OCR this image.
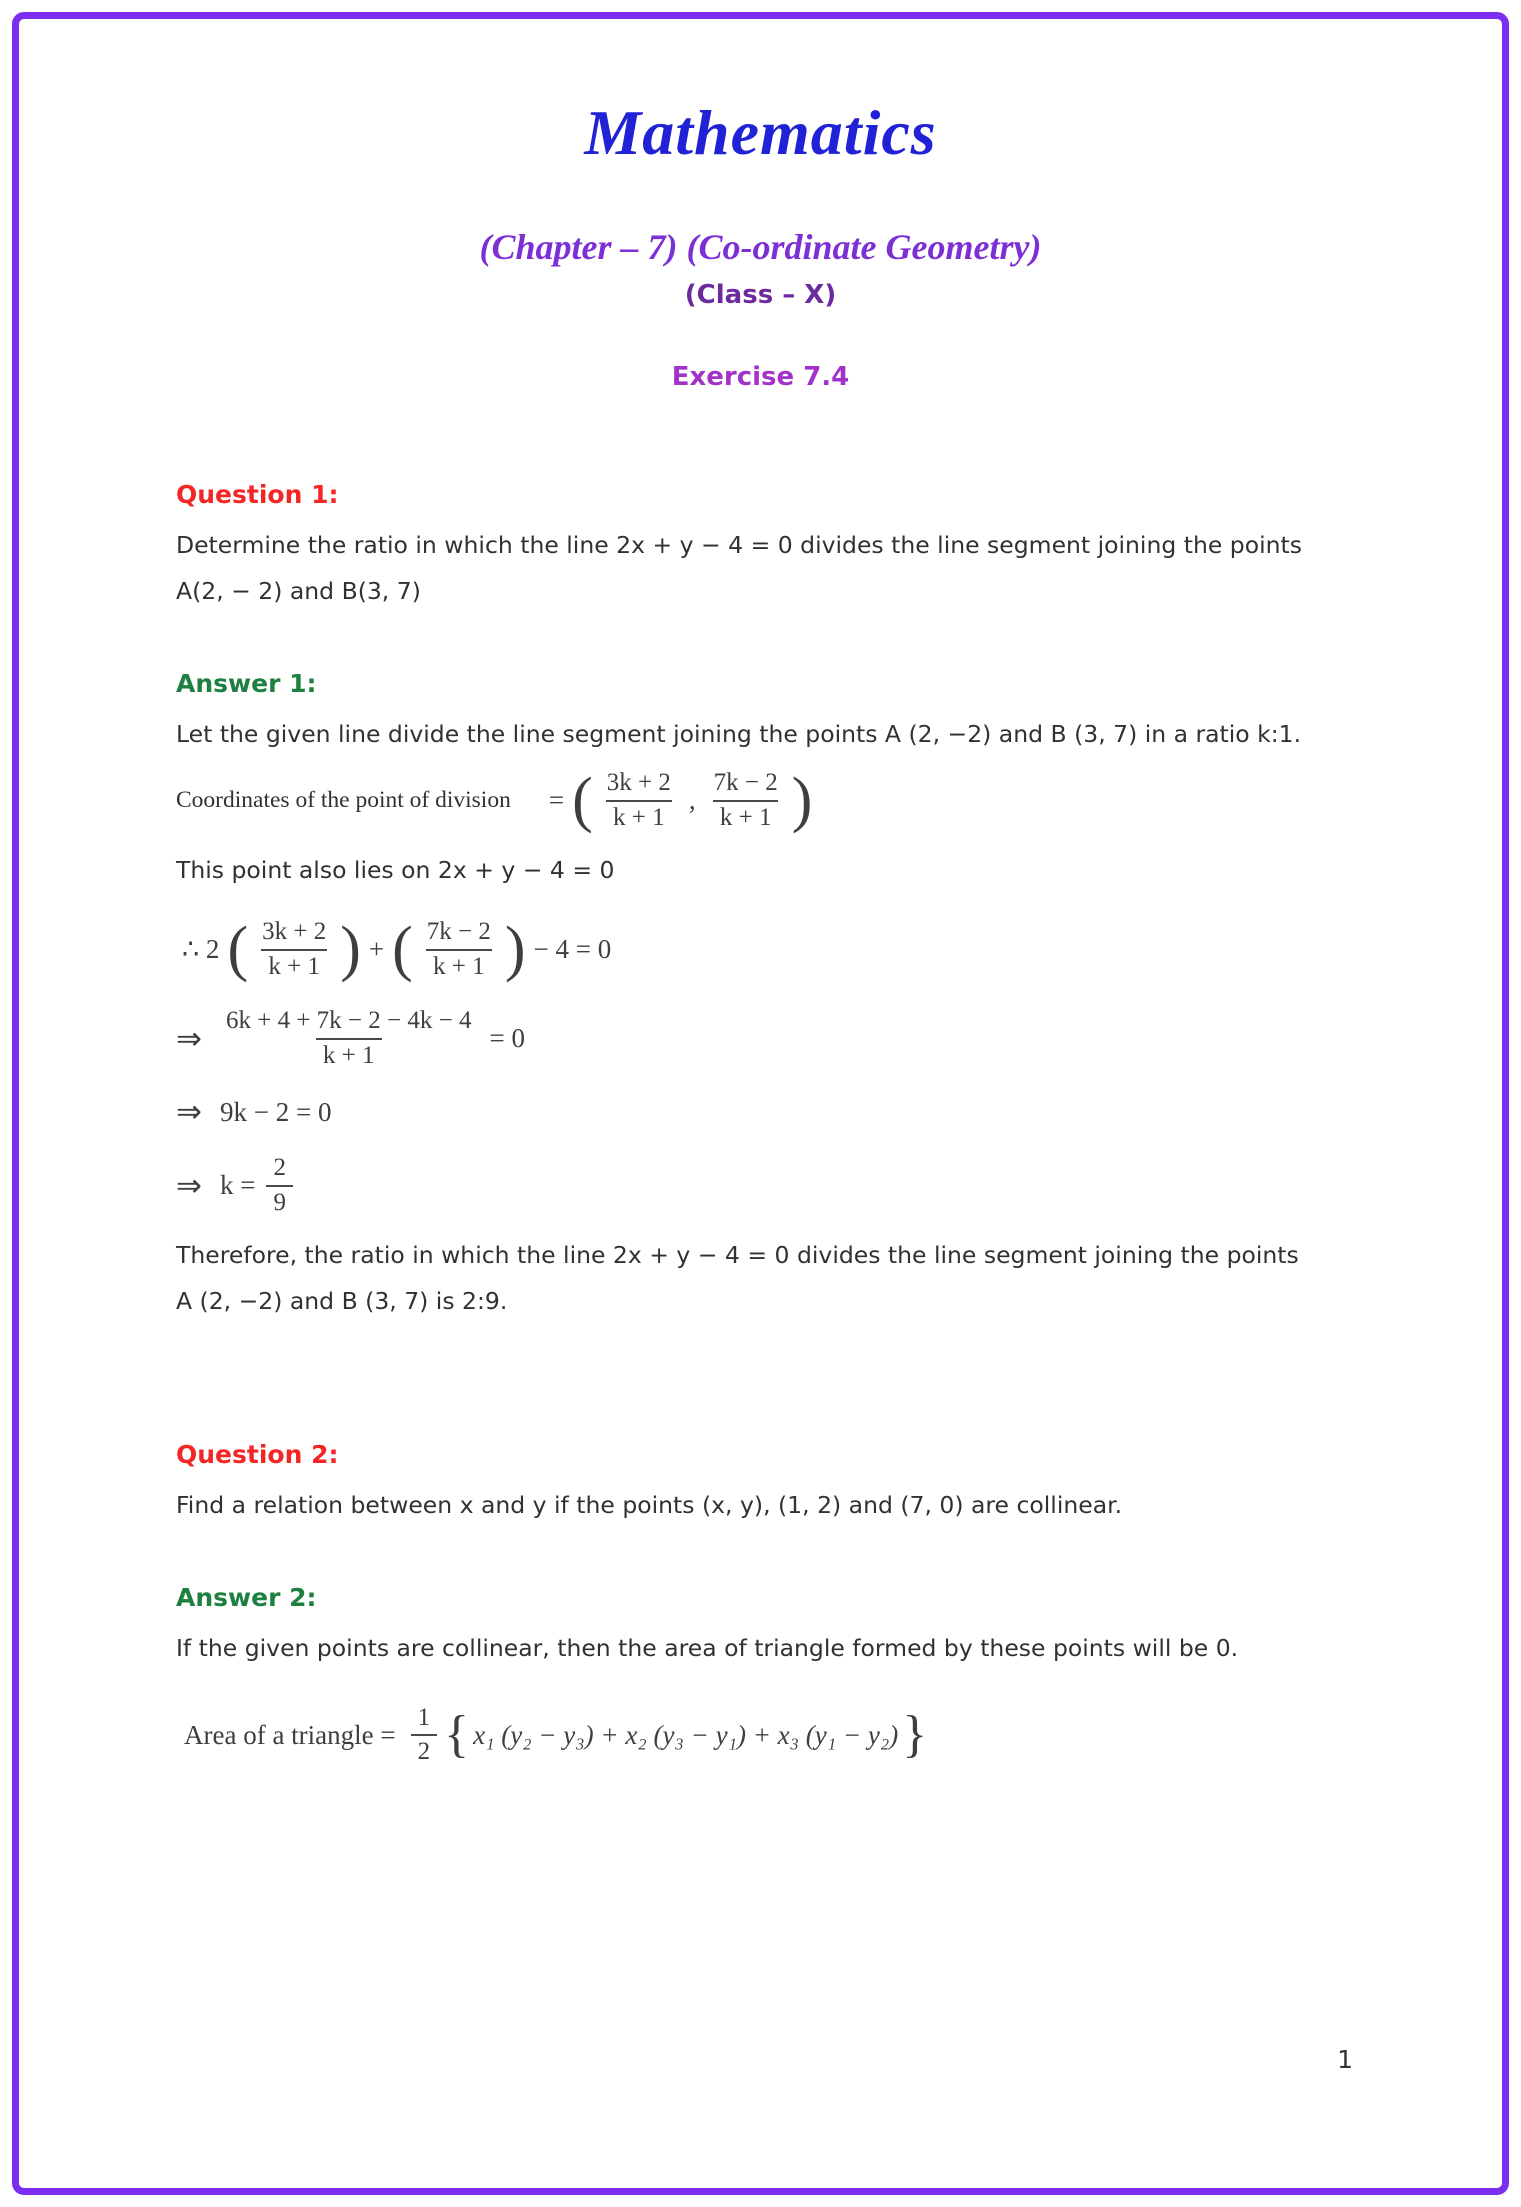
Mathematics
(Chapter – 7) (Co-ordinate Geometry)
(Class – X)
Exercise 7.4
Question 1:

Determine the ratio in which the line 2x + y − 4 = 0 divides the line segment joining the points A(2, − 2) and B(3, 7)

Answer 1:

Let the given line divide the line segment joining the points A (2, −2) and B (3, 7) in a ratio k:1.

Coordinates of the point of division = ( $\frac{3k + 2}{k + 1}$ , $\frac{7k - 2}{k + 1}$ )

This point also lies on 2x + y − 4 = 0

∴ 2 ( $\frac{3k + 2}{k + 1}$ ) + ( $\frac{7k - 2}{k + 1}$ ) − 4 = 0
⇒ $\frac{6k + 4 + 7k - 2 - 4k - 4}{k + 1} = 0$
⇒ 9k − 2 = 0
⇒ $k = \frac{2}{9}$

Therefore, the ratio in which the line 2x + y − 4 = 0 divides the line segment joining the points A (2, −2) and B (3, 7) is 2:9.

Question 2:

Find a relation between x and y if the points (x, y), (1, 2) and (7, 0) are collinear.

Answer 2:

If the given points are collinear, then the area of triangle formed by these points will be 0.

Area of a triangle = $\frac{1}{2}$ { x₁ (y₂ − y₃) + x₂ (y₃ − y₁) + x₃ (y₁ − y₂) }
1
